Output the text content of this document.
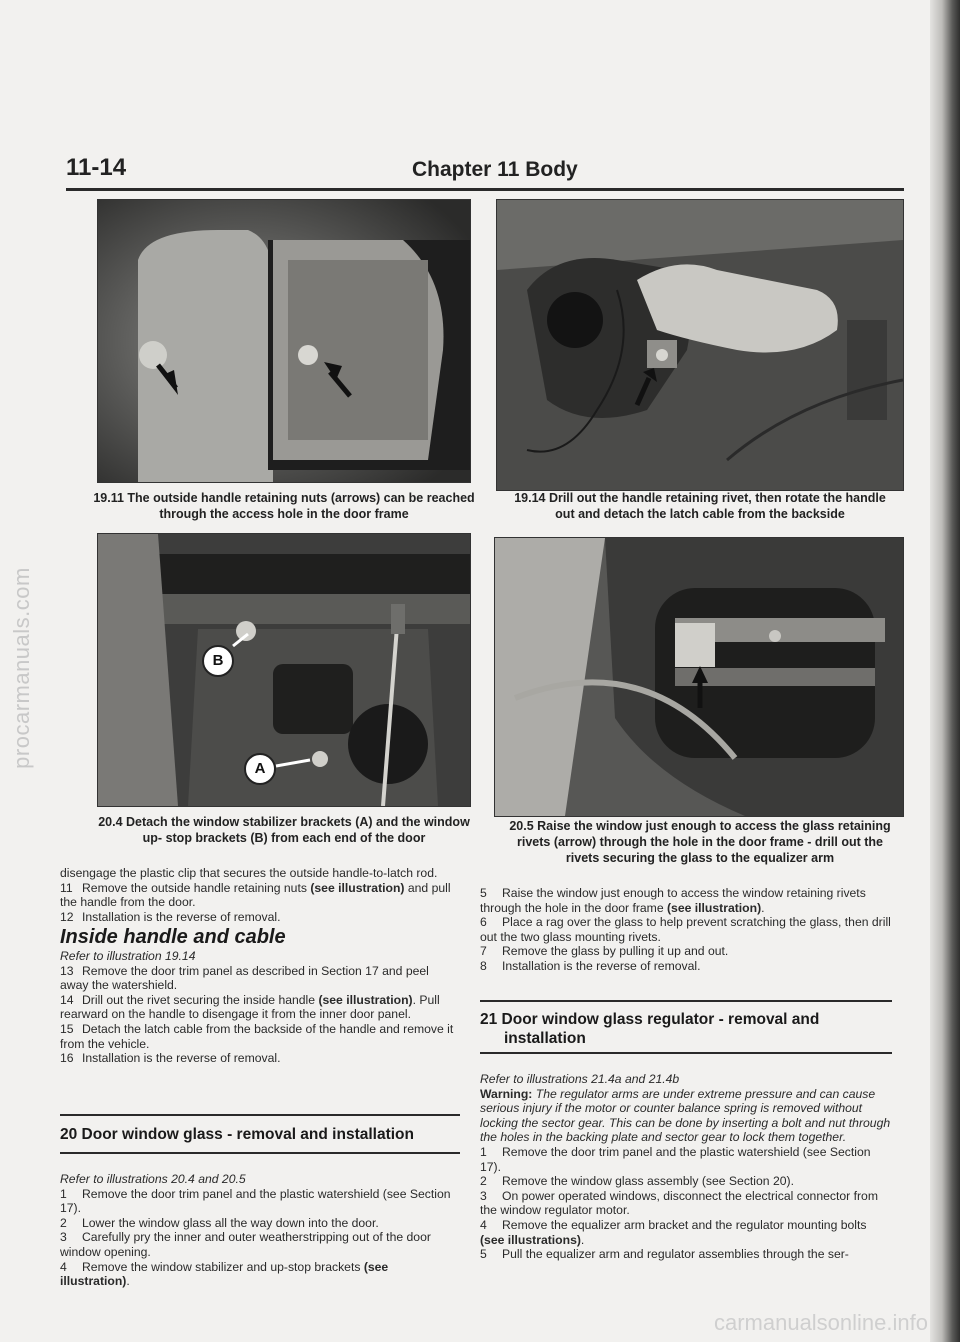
procarmanuals.com
carmanualsonline.info
11-14	Chapter 11 Body
19.11 The outside handle retaining nuts (arrows) can be reached
through the access hole in the door frame
19.14 Drill out the handle retaining rivet, then rotate the handle
out and detach the latch cable from the backside
B
A
20.4 Detach the window stabilizer brackets (A) and the window
up- stop brackets (B) from each end of the door
20.5 Raise the window just enough to access the glass retaining
rivets (arrow) through the hole in the door frame - drill out the
rivets securing the glass to the equalizer arm

disengage the plastic clip that secures the outside handle-to-latch rod.

11 Remove the outside handle retaining nuts (see illustration) and pull the handle from the door.

12 Installation is the reverse of removal.

Inside handle and cable

Refer to illustration 19.14

13 Remove the door trim panel as described in Section 17 and peel away the watershield.

14 Drill out the rivet securing the inside handle (see illustration). Pull rearward on the handle to disengage it from the inner door panel.

15 Detach the latch cable from the backside of the handle and remove it from the vehicle.

16 Installation is the reverse of removal.

20 Door window glass - removal and installation

Refer to illustrations 20.4 and 20.5

1 Remove the door trim panel and the plastic watershield (see Section 17).

2 Lower the window glass all the way down into the door.

3 Carefully pry the inner and outer weatherstripping out of the door window opening.

4 Remove the window stabilizer and up-stop brackets (see illustration).

5 Raise the window just enough to access the window retaining rivets through the hole in the door frame (see illustration).

6 Place a rag over the glass to help prevent scratching the glass, then drill out the two glass mounting rivets.

7 Remove the glass by pulling it up and out.

8 Installation is the reverse of removal.

21 Door window glass regulator - removal and
installation

Refer to illustrations 21.4a and 21.4b

Warning: The regulator arms are under extreme pressure and can cause serious injury if the motor or counter balance spring is removed without locking the sector gear. This can be done by inserting a bolt and nut through the holes in the backing plate and sector gear to lock them together.

1 Remove the door trim panel and the plastic watershield (see Section 17).

2 Remove the window glass assembly (see Section 20).

3 On power operated windows, disconnect the electrical connector from the window regulator motor.

4 Remove the equalizer arm bracket and the regulator mounting bolts (see illustrations).

5 Pull the equalizer arm and regulator assemblies through the ser-
